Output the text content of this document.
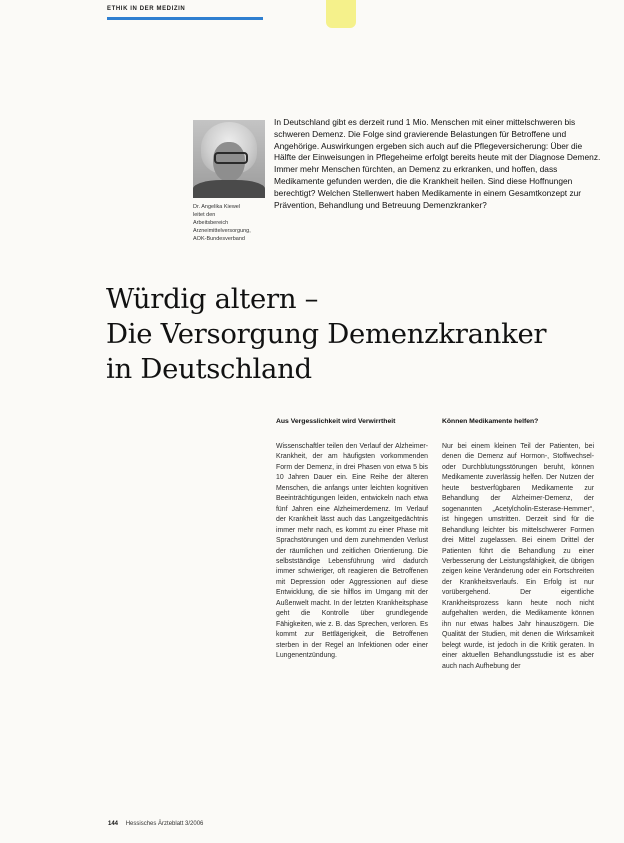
ETHIK IN DER MEDIZIN
Dr. Angelika Kiewel
leitet den
Arbeitsbereich
Arzneimittelversorgung,
AOK-Bundesverband
In Deutschland gibt es derzeit rund 1 Mio. Menschen mit einer mittelschweren bis schweren Demenz. Die Folge sind gravierende Belastungen für Betroffene und Angehörige. Auswirkungen ergeben sich auch auf die Pflegeversicherung: Über die Hälfte der Einweisungen in Pflegeheime erfolgt bereits heute mit der Diagnose Demenz. Immer mehr Menschen fürchten, an Demenz zu erkranken, und hoffen, dass Medikamente gefunden werden, die die Krankheit heilen. Sind diese Hoffnungen berechtigt? Welchen Stellenwert haben Medikamente in einem Gesamtkonzept zur Prävention, Behandlung und Betreuung Demenzkranker?
Würdig altern –
Die Versorgung Demenzkranker
in Deutschland
Aus Vergesslichkeit wird Verwirrtheit

Wissenschaftler teilen den Verlauf der Alzheimer-Krankheit, der am häufigsten vorkommenden Form der Demenz, in drei Phasen von etwa 5 bis 10 Jahren Dauer ein. Eine Reihe der älteren Menschen, die anfangs unter leichten kognitiven Beeinträchtigungen leiden, entwickeln nach etwa fünf Jahren eine Alzheimerdemenz. Im Verlauf der Krankheit lässt auch das Langzeitgedächtnis immer mehr nach, es kommt zu einer Phase mit Sprachstörungen und dem zunehmenden Verlust der räumlichen und zeitlichen Orientierung. Die selbstständige Lebensführung wird dadurch immer schwieriger, oft reagieren die Betroffenen mit Depression oder Aggressionen auf diese Entwicklung, die sie hilflos im Umgang mit der Außenwelt macht. In der letzten Krankheitsphase geht die Kontrolle über grundlegende Fähigkeiten, wie z. B. das Sprechen, verloren. Es kommt zur Bettlägerigkeit, die Betroffenen sterben in der Regel an Infektionen oder einer Lungenentzündung.

Können Medikamente helfen?

Nur bei einem kleinen Teil der Patienten, bei denen die Demenz auf Hormon-, Stoffwechsel- oder Durchblutungsstörungen beruht, können Medikamente zuverlässig helfen. Der Nutzen der heute bestverfügbaren Medikamente zur Behandlung der Alzheimer-Demenz, der sogenannten „Acetylcholin-Esterase-Hemmer“, ist hingegen umstritten. Derzeit sind für die Behandlung leichter bis mittelschwerer Formen drei Mittel zugelassen. Bei einem Drittel der Patienten führt die Behandlung zu einer Verbesserung der Leistungsfähigkeit, die übrigen zeigen keine Veränderung oder ein Fortschreiten der Krankheitsverlaufs. Ein Erfolg ist nur vorübergehend. Der eigentliche Krankheitsprozess kann heute noch nicht aufgehalten werden, die Medikamente können ihn nur etwas halbes Jahr hinauszögern. Die Qualität der Studien, mit denen die Wirksamkeit belegt wurde, ist jedoch in die Kritik geraten. In einer aktuellen Behandlungsstudie ist es aber auch nach Aufhebung der

144 Hessisches Ärzteblatt 3/2006
